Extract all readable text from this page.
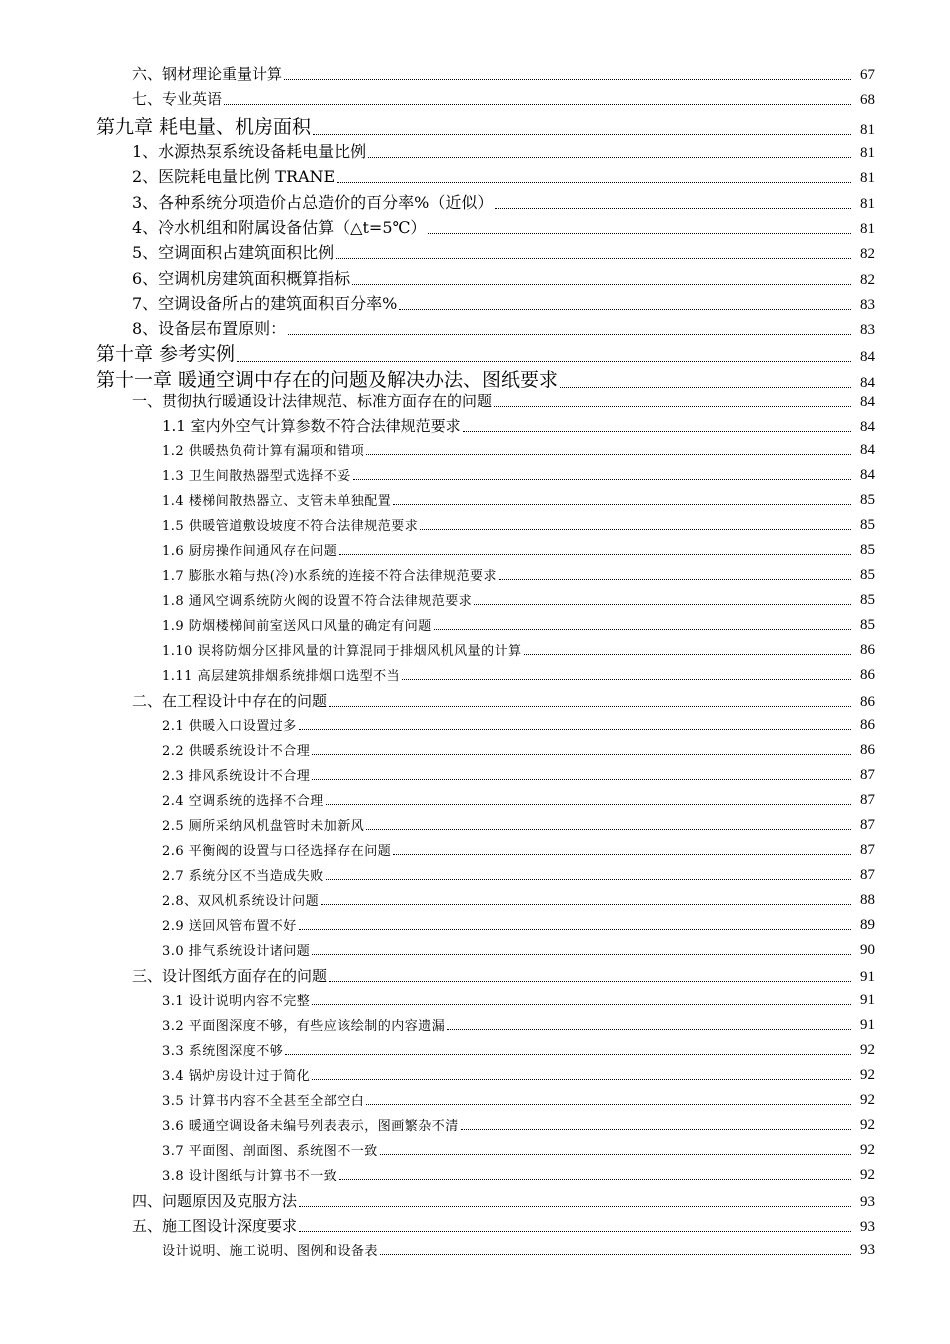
六、钢材理论重量计算	67
七、专业英语	68
第九章 耗电量、机房面积	81
1、水源热泵系统设备耗电量比例	81
2、医院耗电量比例 TRANE	81
3、各种系统分项造价占总造价的百分率%（近似）	81
4、冷水机组和附属设备估算（△t=5℃）	81
5、空调面积占建筑面积比例	82
6、空调机房建筑面积概算指标	82
7、空调设备所占的建筑面积百分率%	83
8、设备层布置原则：	83
第十章 参考实例	84
第十一章 暖通空调中存在的问题及解决办法、图纸要求	84
一、贯彻执行暖通设计法律规范、标准方面存在的问题	84
1.1 室内外空气计算参数不符合法律规范要求	84
1.2 供暖热负荷计算有漏项和错项	84
1.3 卫生间散热器型式选择不妥	84
1.4 楼梯间散热器立、支管未单独配置	85
1.5 供暖管道敷设坡度不符合法律规范要求	85
1.6 厨房操作间通风存在问题	85
1.7 膨胀水箱与热(冷)水系统的连接不符合法律规范要求	85
1.8 通风空调系统防火阀的设置不符合法律规范要求	85
1.9 防烟楼梯间前室送风口风量的确定有问题	85
1.10 误将防烟分区排风量的计算混同于排烟风机风量的计算	86
1.11 高层建筑排烟系统排烟口选型不当	86
二、在工程设计中存在的问题	86
2.1 供暖入口设置过多	86
2.2 供暖系统设计不合理	86
2.3 排风系统设计不合理	87
2.4 空调系统的选择不合理	87
2.5 厕所采纳风机盘管时未加新风	87
2.6 平衡阀的设置与口径选择存在问题	87
2.7 系统分区不当造成失败	87
2.8、双风机系统设计问题	88
2.9 送回风管布置不好	89
3.0 排气系统设计诸问题	90
三、设计图纸方面存在的问题	91
3.1 设计说明内容不完整	91
3.2 平面图深度不够，有些应该绘制的内容遗漏	91
3.3 系统图深度不够	92
3.4 锅炉房设计过于简化	92
3.5 计算书内容不全甚至全部空白	92
3.6 暖通空调设备未编号列表表示，图画繁杂不清	92
3.7 平面图、剖面图、系统图不一致	92
3.8 设计图纸与计算书不一致	92
四、问题原因及克服方法	93
五、施工图设计深度要求	93
设计说明、施工说明、图例和设备表	93
